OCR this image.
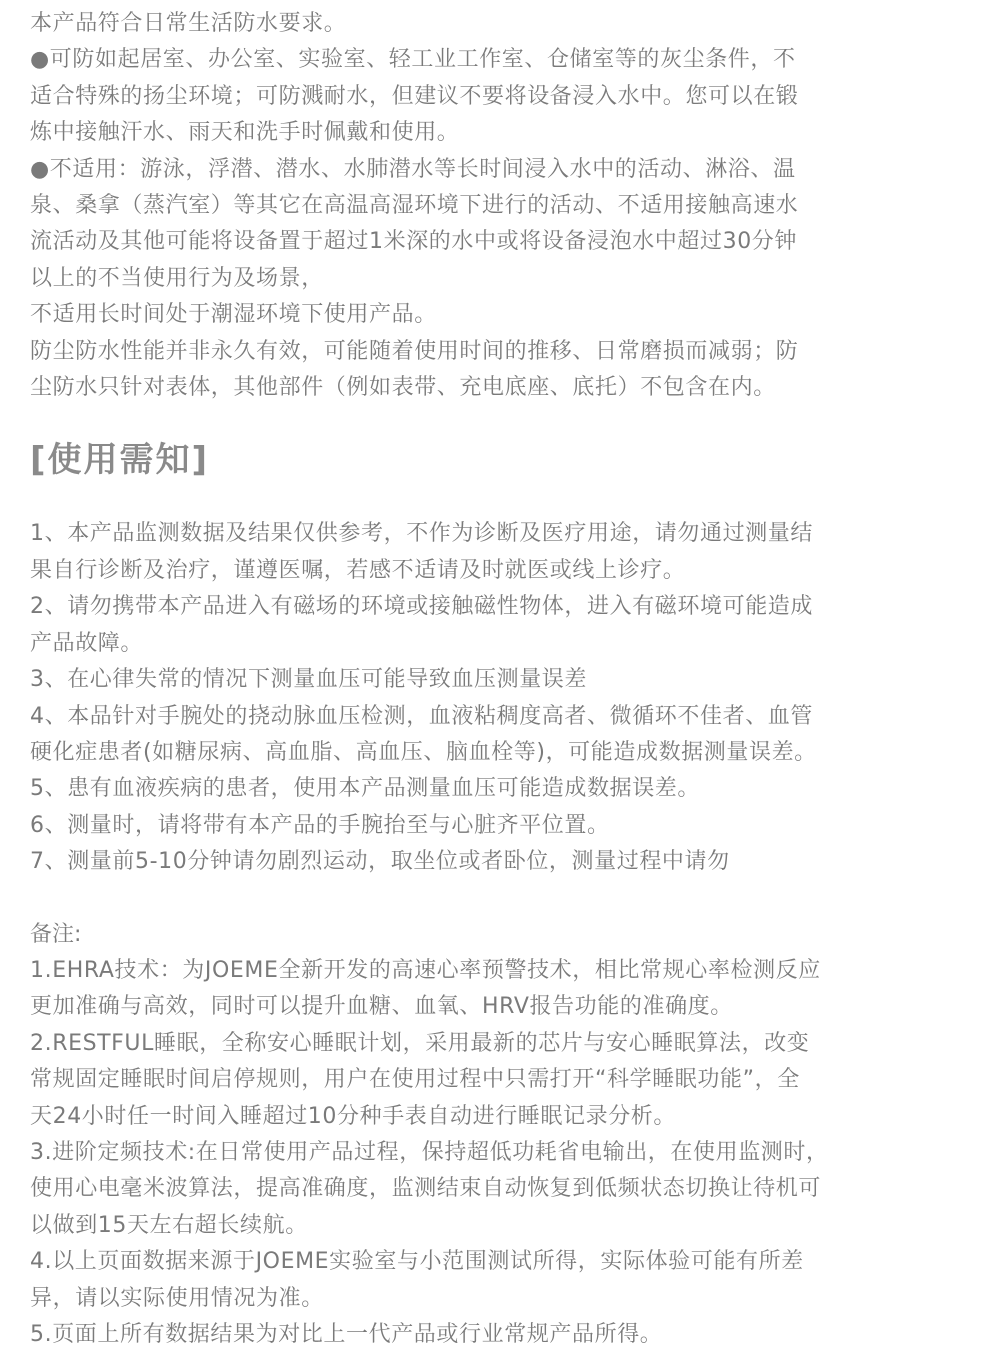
本产品符合日常生活防水要求。

●可防如起居室、办公室、实验室、轻工业工作室、仓储室等的灰尘条件，不
适合特殊的扬尘环境；可防溅耐水，但建议不要将设备浸入水中。您可以在锻
炼中接触汗水、雨天和洗手时佩戴和使用。

●不适用：游泳，浮潜、潜水、水肺潜水等长时间浸入水中的活动、淋浴、温
泉、桑拿（蒸汽室）等其它在高温高湿环境下进行的活动、不适用接触高速水
流活动及其他可能将设备置于超过1米深的水中或将设备浸泡水中超过30分钟
以上的不当使用行为及场景，

不适用长时间处于潮湿环境下使用产品。

防尘防水性能并非永久有效，可能随着使用时间的推移、日常磨损而减弱；防
尘防水只针对表体，其他部件（例如表带、充电底座、底托）不包含在内。

[使用需知]
1、本产品监测数据及结果仅供参考，不作为诊断及医疗用途，请勿通过测量结
果自行诊断及治疗，谨遵医嘱，若感不适请及时就医或线上诊疗。
2、请勿携带本产品进入有磁场的环境或接触磁性物体，进入有磁环境可能造成
产品故障。
3、在心律失常的情况下测量血压可能导致血压测量误差
4、本品针对手腕处的挠动脉血压检测，血液粘稠度高者、微循环不佳者、血管
硬化症患者(如糖尿病、高血脂、高血压、脑血栓等)，可能造成数据测量误差。
5、患有血液疾病的患者，使用本产品测量血压可能造成数据误差。
6、测量时，请将带有本产品的手腕抬至与心脏齐平位置。
7、测量前5-10分钟请勿剧烈运动，取坐位或者卧位，测量过程中请勿

备注:

1.EHRA技术：为JOEME全新开发的高速心率预警技术，相比常规心率检测反应
更加准确与高效，同时可以提升血糖、血氧、HRV报告功能的准确度。
2.RESTFUL睡眠，全称安心睡眠计划，采用最新的芯片与安心睡眠算法，改变
常规固定睡眠时间启停规则，用户在使用过程中只需打开“科学睡眠功能”，全
天24小时任一时间入睡超过10分种手表自动进行睡眠记录分析。
3.进阶定频技术:在日常使用产品过程，保持超低功耗省电输出，在使用监测时，
使用心电毫米波算法，提高准确度，监测结束自动恢复到低频状态切换让待机可
以做到15天左右超长续航。
4.以上页面数据来源于JOEME实验室与小范围测试所得，实际体验可能有所差
异，请以实际使用情况为准。
5.页面上所有数据结果为对比上一代产品或行业常规产品所得。
